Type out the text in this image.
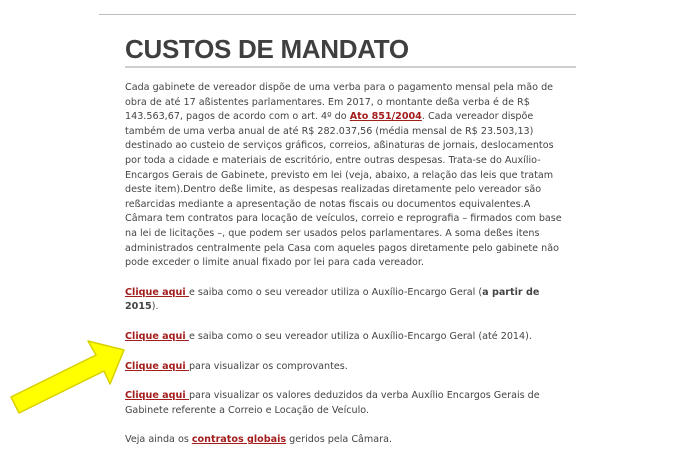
CUSTOS DE MANDATO

Cada gabinete de vereador dispõe de uma verba para o pagamento mensal pela mão de obra de até 17 aßistentes parlamentares. Em 2017, o montante deßa verba é de R$ 143.563,67, pagos de acordo com o art. 4º do Ato 851/2004. Cada vereador dispõe também de uma verba anual de até R$ 282.037,56 (média mensal de R$ 23.503,13) destinado ao custeio de serviços gráficos, correios, aßinaturas de jornais, deslocamentos por toda a cidade e materiais de escritório, entre outras despesas. Trata-se do Auxílio-Encargos Gerais de Gabinete, previsto em lei (veja, abaixo, a relação das leis que tratam deste item).Dentro deße limite, as despesas realizadas diretamente pelo vereador são reßarcidas mediante a apresentação de notas fiscais ou documentos equivalentes.A Câmara tem contratos para locação de veículos, correio e reprografia – firmados com base na lei de licitações –, que podem ser usados pelos parlamentares. A soma deßes itens administrados centralmente pela Casa com aqueles pagos diretamente pelo gabinete não pode exceder o limite anual fixado por lei para cada vereador.

Clique aqui e saiba como o seu vereador utiliza o Auxílio-Encargo Geral (a partir de 2015).

Clique aqui e saiba como o seu vereador utiliza o Auxílio-Encargo Geral (até 2014).

Clique aqui para visualizar os comprovantes.

Clique aqui para visualizar os valores deduzidos da verba Auxílio Encargos Gerais de Gabinete referente a Correio e Locação de Veículo.

Veja ainda os contratos globais geridos pela Câmara.
